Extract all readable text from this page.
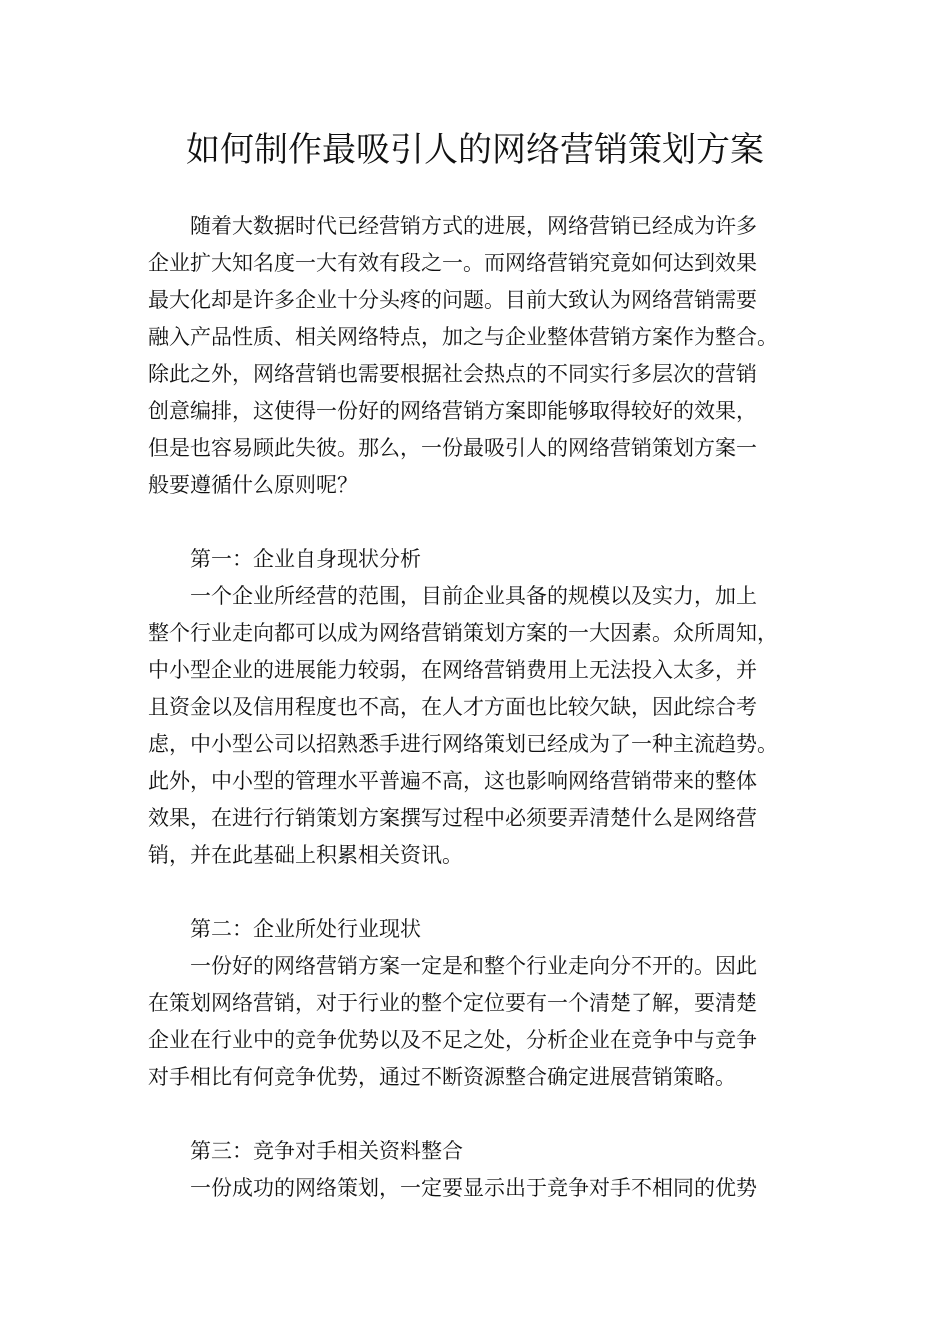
如何制作最吸引人的网络营销策划方案
随着大数据时代已经营销方式的进展，网络营销已经成为许多
企业扩大知名度一大有效有段之一。而网络营销究竟如何达到效果
最大化却是许多企业十分头疼的问题。目前大致认为网络营销需要
融入产品性质、相关网络特点，加之与企业整体营销方案作为整合。
除此之外，网络营销也需要根据社会热点的不同实行多层次的营销
创意编排，这使得一份好的网络营销方案即能够取得较好的效果，
但是也容易顾此失彼。那么，一份最吸引人的网络营销策划方案一
般要遵循什么原则呢？
第一：企业自身现状分析
一个企业所经营的范围，目前企业具备的规模以及实力，加上
整个行业走向都可以成为网络营销策划方案的一大因素。众所周知，
中小型企业的进展能力较弱，在网络营销费用上无法投入太多，并
且资金以及信用程度也不高，在人才方面也比较欠缺，因此综合考
虑，中小型公司以招熟悉手进行网络策划已经成为了一种主流趋势。
此外，中小型的管理水平普遍不高，这也影响网络营销带来的整体
效果，在进行行销策划方案撰写过程中必须要弄清楚什么是网络营
销，并在此基础上积累相关资讯。
第二：企业所处行业现状
一份好的网络营销方案一定是和整个行业走向分不开的。因此
在策划网络营销，对于行业的整个定位要有一个清楚了解，要清楚
企业在行业中的竞争优势以及不足之处，分析企业在竞争中与竞争
对手相比有何竞争优势，通过不断资源整合确定进展营销策略。
第三：竞争对手相关资料整合
一份成功的网络策划，一定要显示出于竞争对手不相同的优势
